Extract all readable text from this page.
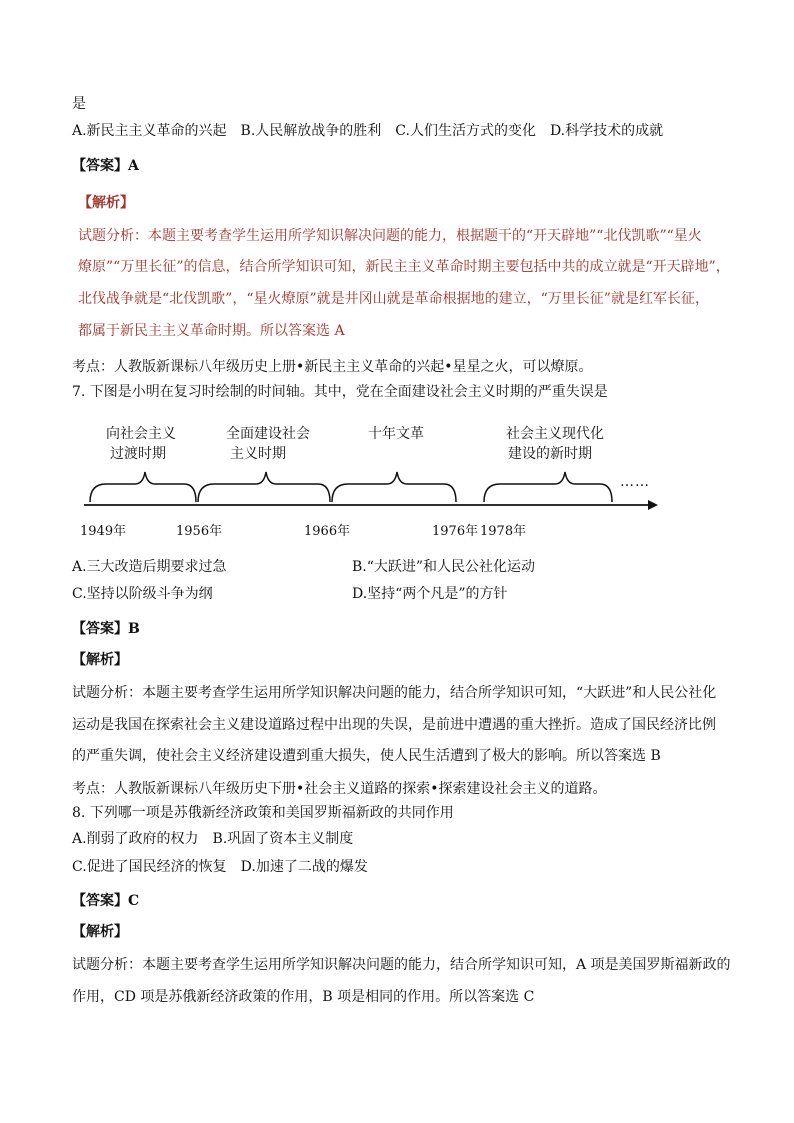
是
A.新民主主义革命的兴起　B.人民解放战争的胜利　C.人们生活方式的变化　D.科学技术的成就
【答案】A
【解析】
试题分析：本题主要考查学生运用所学知识解决问题的能力，根据题干的“开天辟地”“北伐凯歌”“星火
燎原”“万里长征”的信息，结合所学知识可知，新民主主义革命时期主要包括中共的成立就是“开天辟地”，
北伐战争就是“北伐凯歌”，“星火燎原”就是井冈山就是革命根据地的建立，“万里长征”就是红军长征，
都属于新民主主义革命时期。所以答案选 A
考点：人教版新课标八年级历史上册•新民主主义革命的兴起•星星之火，可以燎原。
7. 下图是小明在复习时绘制的时间轴。其中，党在全面建设社会主义时期的严重失误是
向社会主义
过渡时期
全面建设社会
主义时期
十年文革	社会主义现代化
建设的新时期
……
1949年	1956年	1966年	1976年 1978年
A.三大改造后期要求过急	B.“大跃进”和人民公社化运动
C.坚持以阶级斗争为纲	D.坚持“两个凡是”的方针
【答案】B
【解析】
试题分析：本题主要考查学生运用所学知识解决问题的能力，结合所学知识可知，“大跃进”和人民公社化
运动是我国在探索社会主义建设道路过程中出现的失误，是前进中遭遇的重大挫折。造成了国民经济比例
的严重失调，使社会主义经济建设遭到重大损失，使人民生活遭到了极大的影响。所以答案选 B
考点：人教版新课标八年级历史下册•社会主义道路的探索•探索建设社会主义的道路。
8. 下列哪一项是苏俄新经济政策和美国罗斯福新政的共同作用
A.削弱了政府的权力　B.巩固了资本主义制度
C.促进了国民经济的恢复　D.加速了二战的爆发
【答案】C
【解析】
试题分析：本题主要考查学生运用所学知识解决问题的能力，结合所学知识可知，A 项是美国罗斯福新政的
作用，CD 项是苏俄新经济政策的作用，B 项是相同的作用。所以答案选 C
